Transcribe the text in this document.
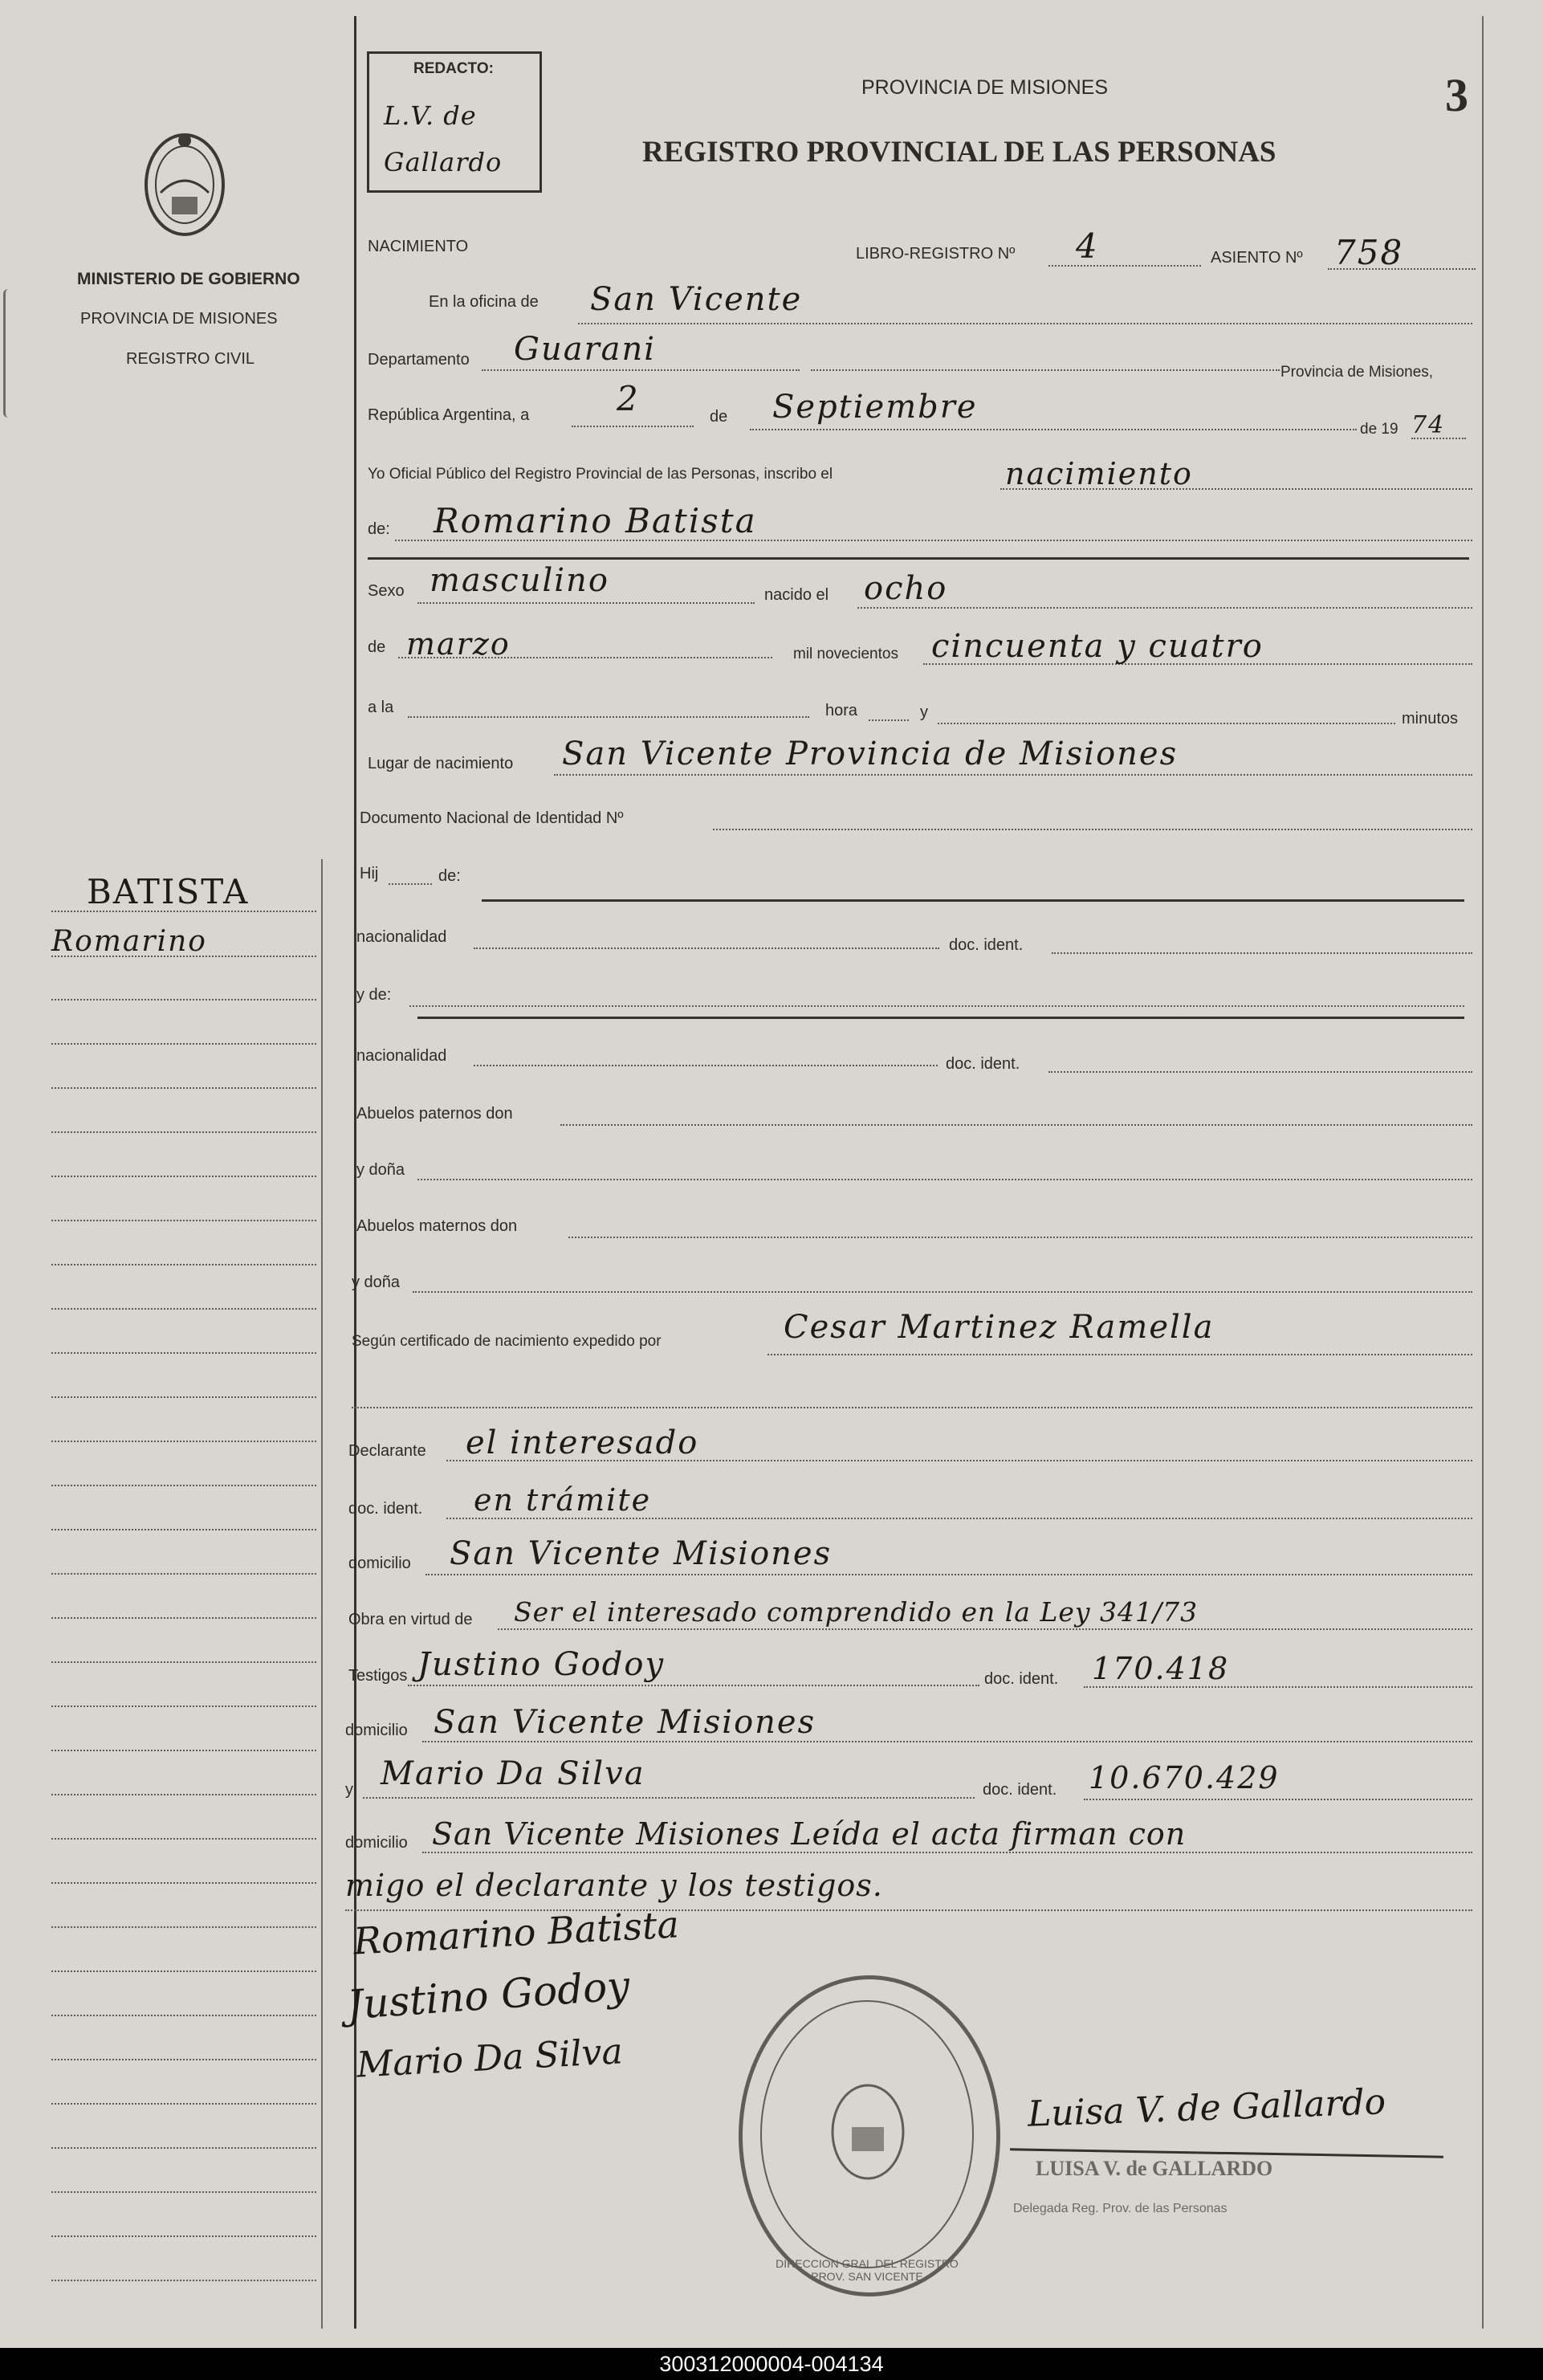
MINISTERIO DE GOBIERNO
PROVINCIA DE MISIONES
REGISTRO CIVIL
REDACTO:
L.V. de Gallardo
PROVINCIA DE MISIONES
REGISTRO PROVINCIAL DE LAS PERSONAS
3
NACIMIENTO	LIBRO-REGISTRO Nº 4	ASIENTO Nº 758
En la oficina de San Vicente
Departamento Guarani
Provincia de Misiones,
República Argentina, a	2	de Septiembre
de 19 74
Yo Oficial Público del Registro Provincial de las Personas, inscribo el	nacimiento
de: Romarino Batista
Sexo masculino	nacido el ocho
de marzo	mil novecientos cincuenta y cuatro
a la	hora	y	minutos
Lugar de nacimiento San Vicente Provincia de Misiones
Documento Nacional de Identidad Nº
Hij	de:
nacionalidad	doc. ident.
y de:
nacionalidad	doc. ident.
Abuelos paternos don
y doña
Abuelos maternos don
y doña
Según certificado de nacimiento expedido por	Cesar Martinez Ramella
Declarante el interesado
doc. ident. en trámite
domicilio San Vicente Misiones
Obra en virtud de Ser el interesado comprendido en la Ley 341/73
Testigos Justino Godoy	doc. ident. 170.418
domicilio San Vicente Misiones
y Mario Da Silva	doc. ident. 10.670.429
domicilio San Vicente Misiones Leída el acta firman con
migo el declarante y los testigos.
Romarino Batista
Justino Godoy
Mario Da Silva
DIRECCION GRAL DEL REGISTRO PROV. SAN VICENTE
Luisa V. de Gallardo
LUISA V. de GALLARDO
Delegada Reg. Prov. de las Personas
BATISTA
Romarino
300312000004-004134
